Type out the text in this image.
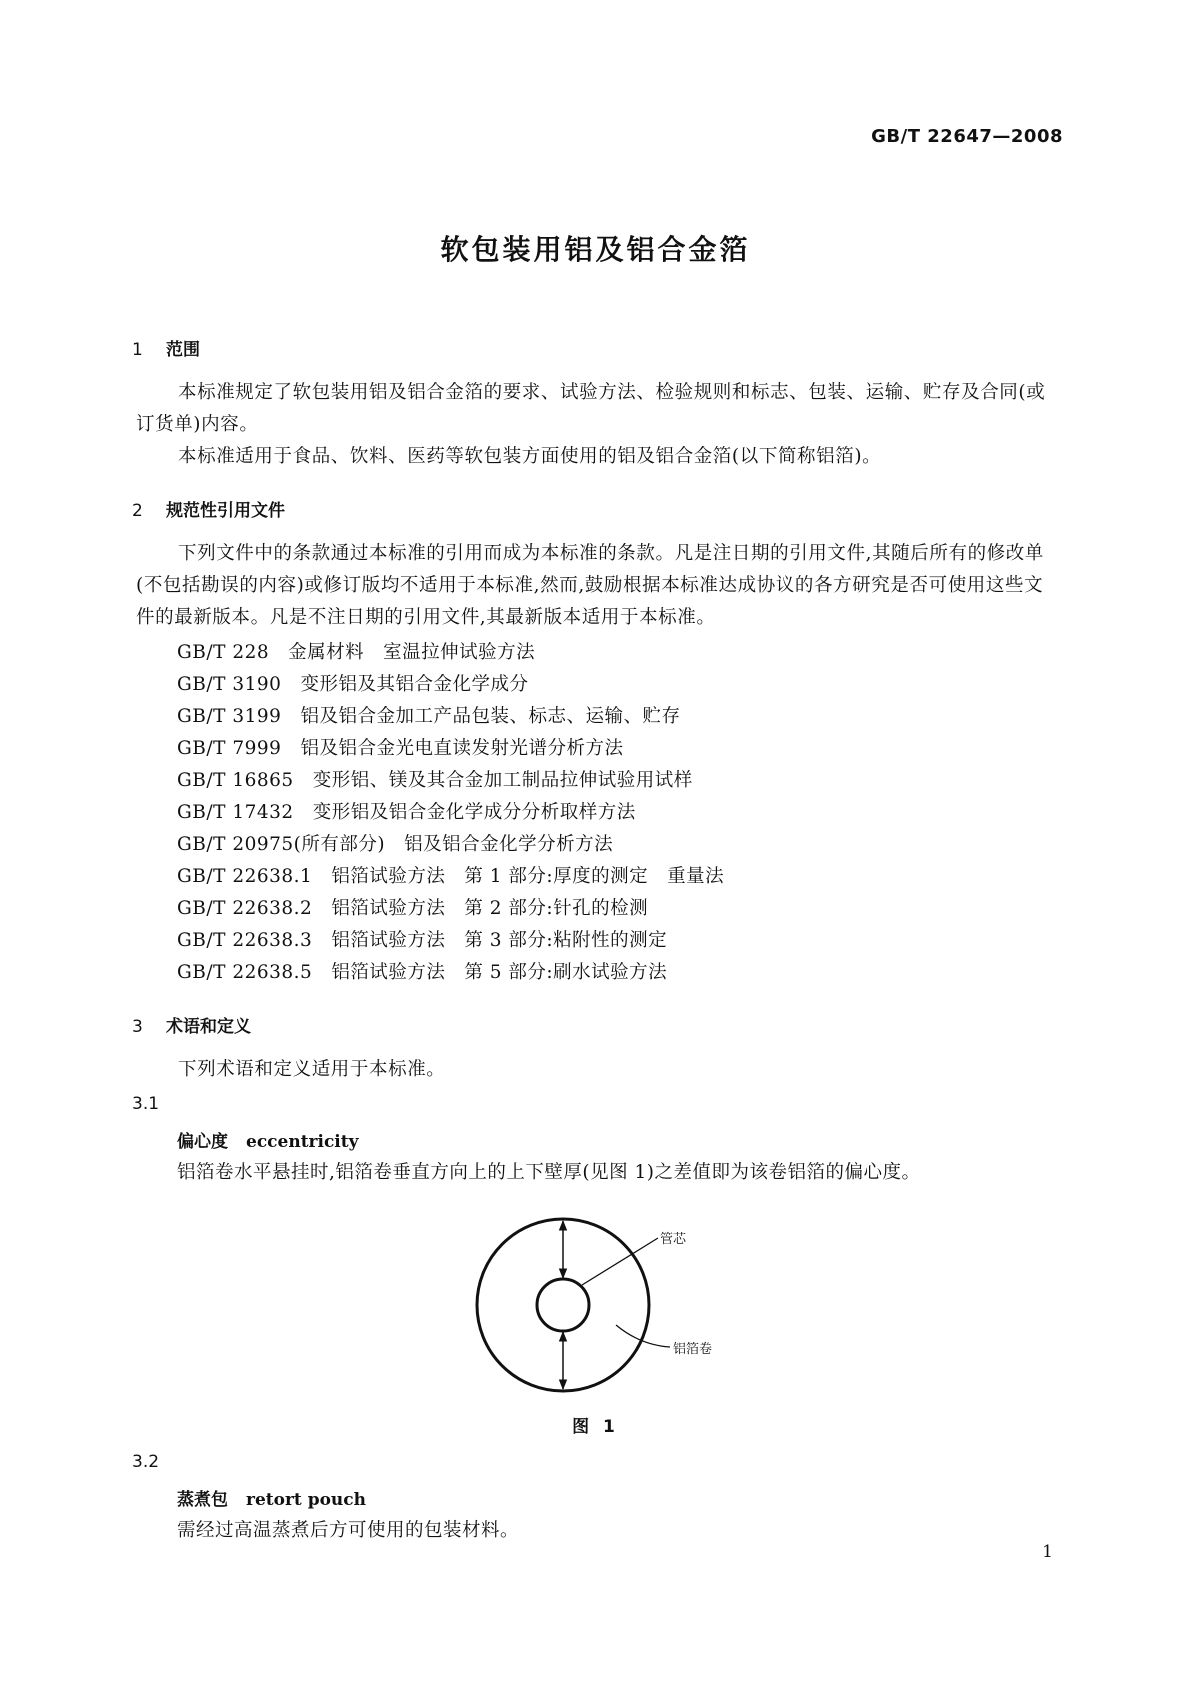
GB/T 22647—2008
软包装用铝及铝合金箔
1 范围
本标准规定了软包装用铝及铝合金箔的要求、试验方法、检验规则和标志、包装、运输、贮存及合同(或订货单)内容。
本标准适用于食品、饮料、医药等软包装方面使用的铝及铝合金箔(以下简称铝箔)。
2 规范性引用文件
下列文件中的条款通过本标准的引用而成为本标准的条款。凡是注日期的引用文件,其随后所有的修改单(不包括勘误的内容)或修订版均不适用于本标准,然而,鼓励根据本标准达成协议的各方研究是否可使用这些文件的最新版本。凡是不注日期的引用文件,其最新版本适用于本标准。
GB/T 228　 金属材料　室温拉伸试验方法
GB/T 3190　 变形铝及其铝合金化学成分
GB/T 3199　 铝及铝合金加工产品包装、标志、运输、贮存
GB/T 7999　 铝及铝合金光电直读发射光谱分析方法
GB/T 16865　 变形铝、镁及其合金加工制品拉伸试验用试样
GB/T 17432　 变形铝及铝合金化学成分分析取样方法
GB/T 20975(所有部分)　 铝及铝合金化学分析方法
GB/T 22638.1　 铝箔试验方法　第 1 部分:厚度的测定　重量法
GB/T 22638.2　 铝箔试验方法　第 2 部分:针孔的检测
GB/T 22638.3　 铝箔试验方法　第 3 部分:粘附性的测定
GB/T 22638.5　 铝箔试验方法　第 5 部分:刷水试验方法
3 术语和定义
下列术语和定义适用于本标准。
3.1
偏心度 eccentricity
铝箔卷水平悬挂时,铝箔卷垂直方向上的上下壁厚(见图 1)之差值即为该卷铝箔的偏心度。
管芯
铝箔卷
图 1
3.2
蒸煮包 retort pouch
需经过高温蒸煮后方可使用的包装材料。
1
